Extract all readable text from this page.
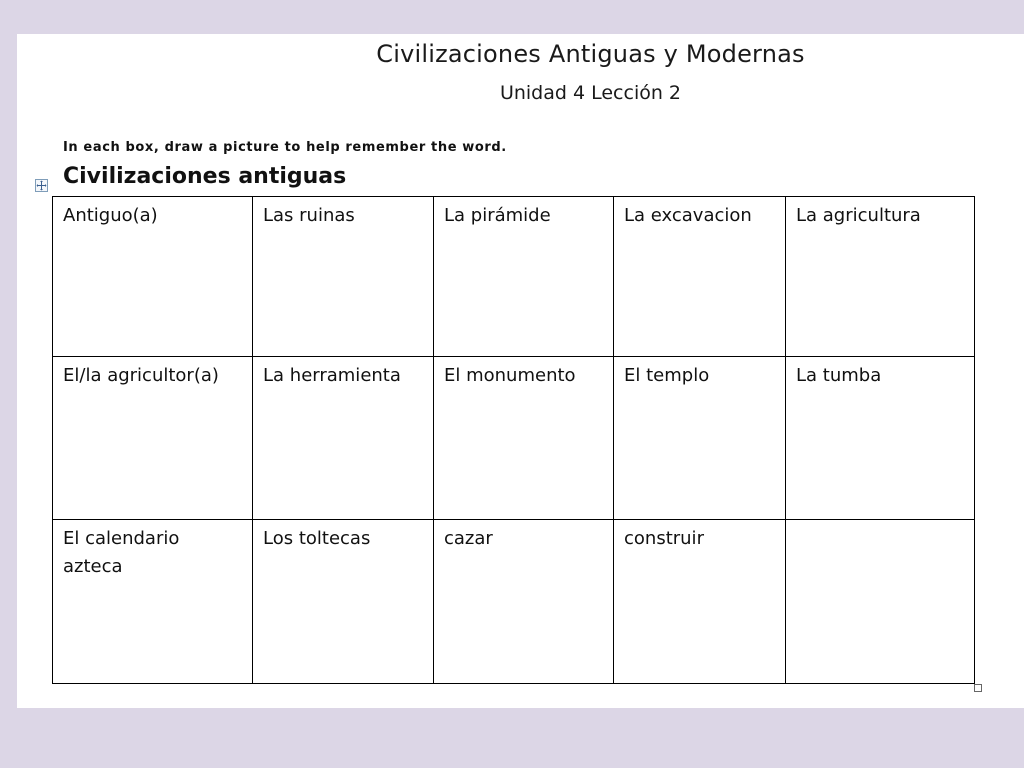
Civilizaciones Antiguas y Modernas
Unidad 4 Lección 2
In each box, draw a picture to help remember the word.
Civilizaciones antiguas
Antiguo(a)	Las ruinas	La pirámide	La excavacion	La agricultura
El/la agricultor(a)	La herramienta	El monumento	El templo	La tumba
El calendario azteca	Los toltecas	cazar	construir	
